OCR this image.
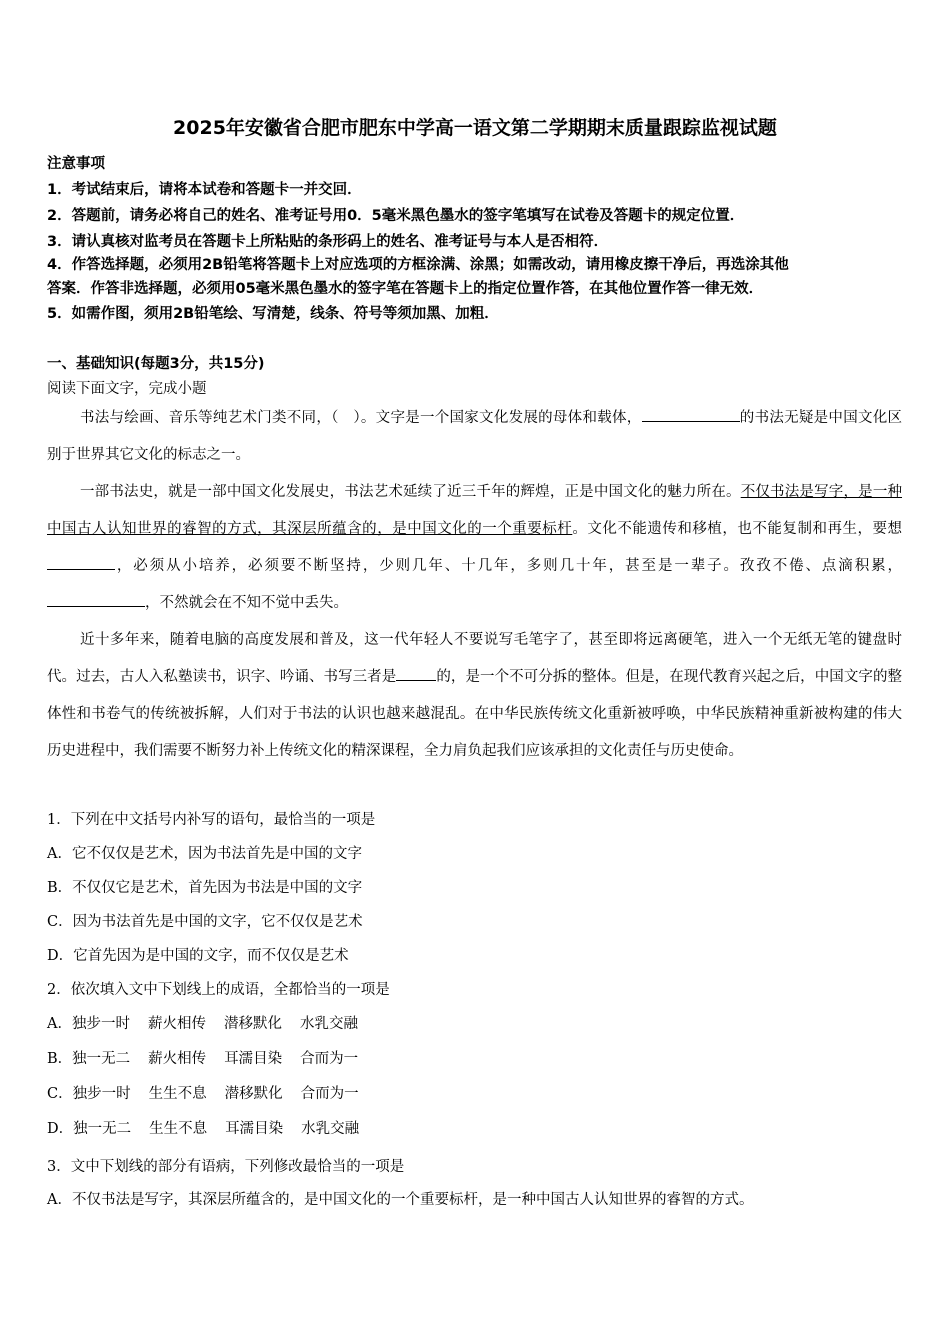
2025年安徽省合肥市肥东中学高一语文第二学期期末质量跟踪监视试题
注意事项
1．考试结束后，请将本试卷和答题卡一并交回．
2．答题前，请务必将自己的姓名、准考证号用0．5毫米黑色墨水的签字笔填写在试卷及答题卡的规定位置．
3．请认真核对监考员在答题卡上所粘贴的条形码上的姓名、准考证号与本人是否相符．
4．作答选择题，必须用2B铅笔将答题卡上对应选项的方框涂满、涂黑；如需改动，请用橡皮擦干净后，再选涂其他
答案．作答非选择题，必须用05毫米黑色墨水的签字笔在答题卡上的指定位置作答，在其他位置作答一律无效．
5．如需作图，须用2B铅笔绘、写清楚，线条、符号等须加黑、加粗．
一、基础知识(每题3分，共15分)
阅读下面文字，完成小题

书法与绘画、音乐等纯艺术门类不同，（　）。文字是一个国家文化发展的母体和载体，	的书法无疑是中国文化区别于世界其它文化的标志之一。

一部书法史，就是一部中国文化发展史，书法艺术延续了近三千年的辉煌，正是中国文化的魅力所在。不仅书法是写字，是一种中国古人认知世界的睿智的方式，其深层所蕴含的，是中国文化的一个重要标杆。文化不能遗传和移植，也不能复制和再生，要想，必须从小培养，必须要不断坚持，少则几年、十几年，多则几十年，甚至是一辈子。孜孜不倦、点滴积累，，不然就会在不知不觉中丢失。

近十多年来，随着电脑的高度发展和普及，这一代年轻人不要说写毛笔字了，甚至即将远离硬笔，进入一个无纸无笔的键盘时代。过去，古人入私塾读书，识字、吟诵、书写三者是	的，是一个不可分拆的整体。但是，在现代教育兴起之后，中国文字的整体性和书卷气的传统被拆解，人们对于书法的认识也越来越混乱。在中华民族传统文化重新被呼唤，中华民族精神重新被构建的伟大历史进程中，我们需要不断努力补上传统文化的精深课程，全力肩负起我们应该承担的文化责任与历史使命。

1．下列在中文括号内补写的语句，最恰当的一项是
A．它不仅仅是艺术，因为书法首先是中国的文字
B．不仅仅它是艺术，首先因为书法是中国的文字
C．因为书法首先是中国的文字，它不仅仅是艺术
D．它首先因为是中国的文字，而不仅仅是艺术
2．依次填入文中下划线上的成语，全都恰当的一项是
A．独步一时 薪火相传 潜移默化 水乳交融
B．独一无二 薪火相传 耳濡目染 合而为一
C．独步一时 生生不息 潜移默化 合而为一
D．独一无二 生生不息 耳濡目染 水乳交融
3．文中下划线的部分有语病，下列修改最恰当的一项是
A．不仅书法是写字，其深层所蕴含的，是中国文化的一个重要标杆，是一种中国古人认知世界的睿智的方式。
